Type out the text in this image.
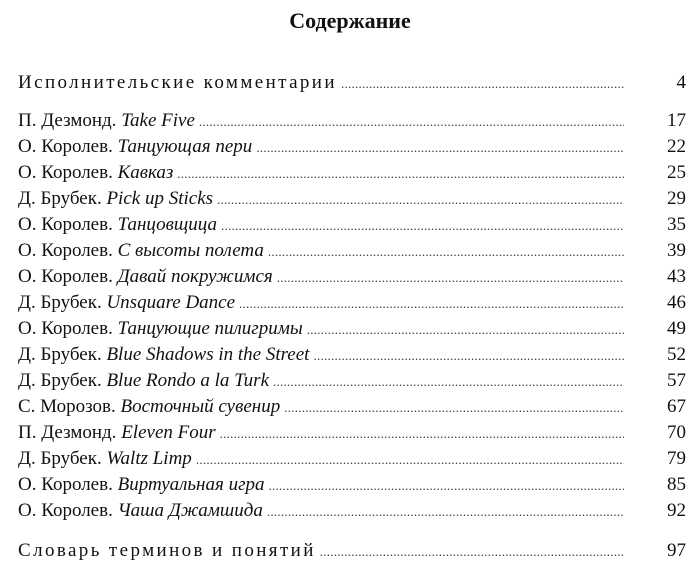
Содержание
Исполнительские комментарии . . .	4
П. Дезмонд. Take Five . . .	17
О. Королев. Танцующая пери . . .	22
О. Королев. Кавказ . . .	25
Д. Брубек. Pick up Sticks . . .	29
О. Королев. Танцовщица . . .	35
О. Королев. С высоты полета . . .	39
О. Королев. Давай покружимся . . .	43
Д. Брубек. Unsquare Dance . . .	46
О. Королев. Танцующие пилигримы . . .	49
Д. Брубек. Blue Shadows in the Street . . .	52
Д. Брубек. Blue Rondo a la Turk . . .	57
С. Морозов. Восточный сувенир . . .	67
П. Дезмонд. Eleven Four . . .	70
Д. Брубек. Waltz Limp . . .	79
О. Королев. Виртуальная игра . . .	85
О. Королев. Чаша Джамшида . . .	92
Словарь терминов и понятий . . .	97
